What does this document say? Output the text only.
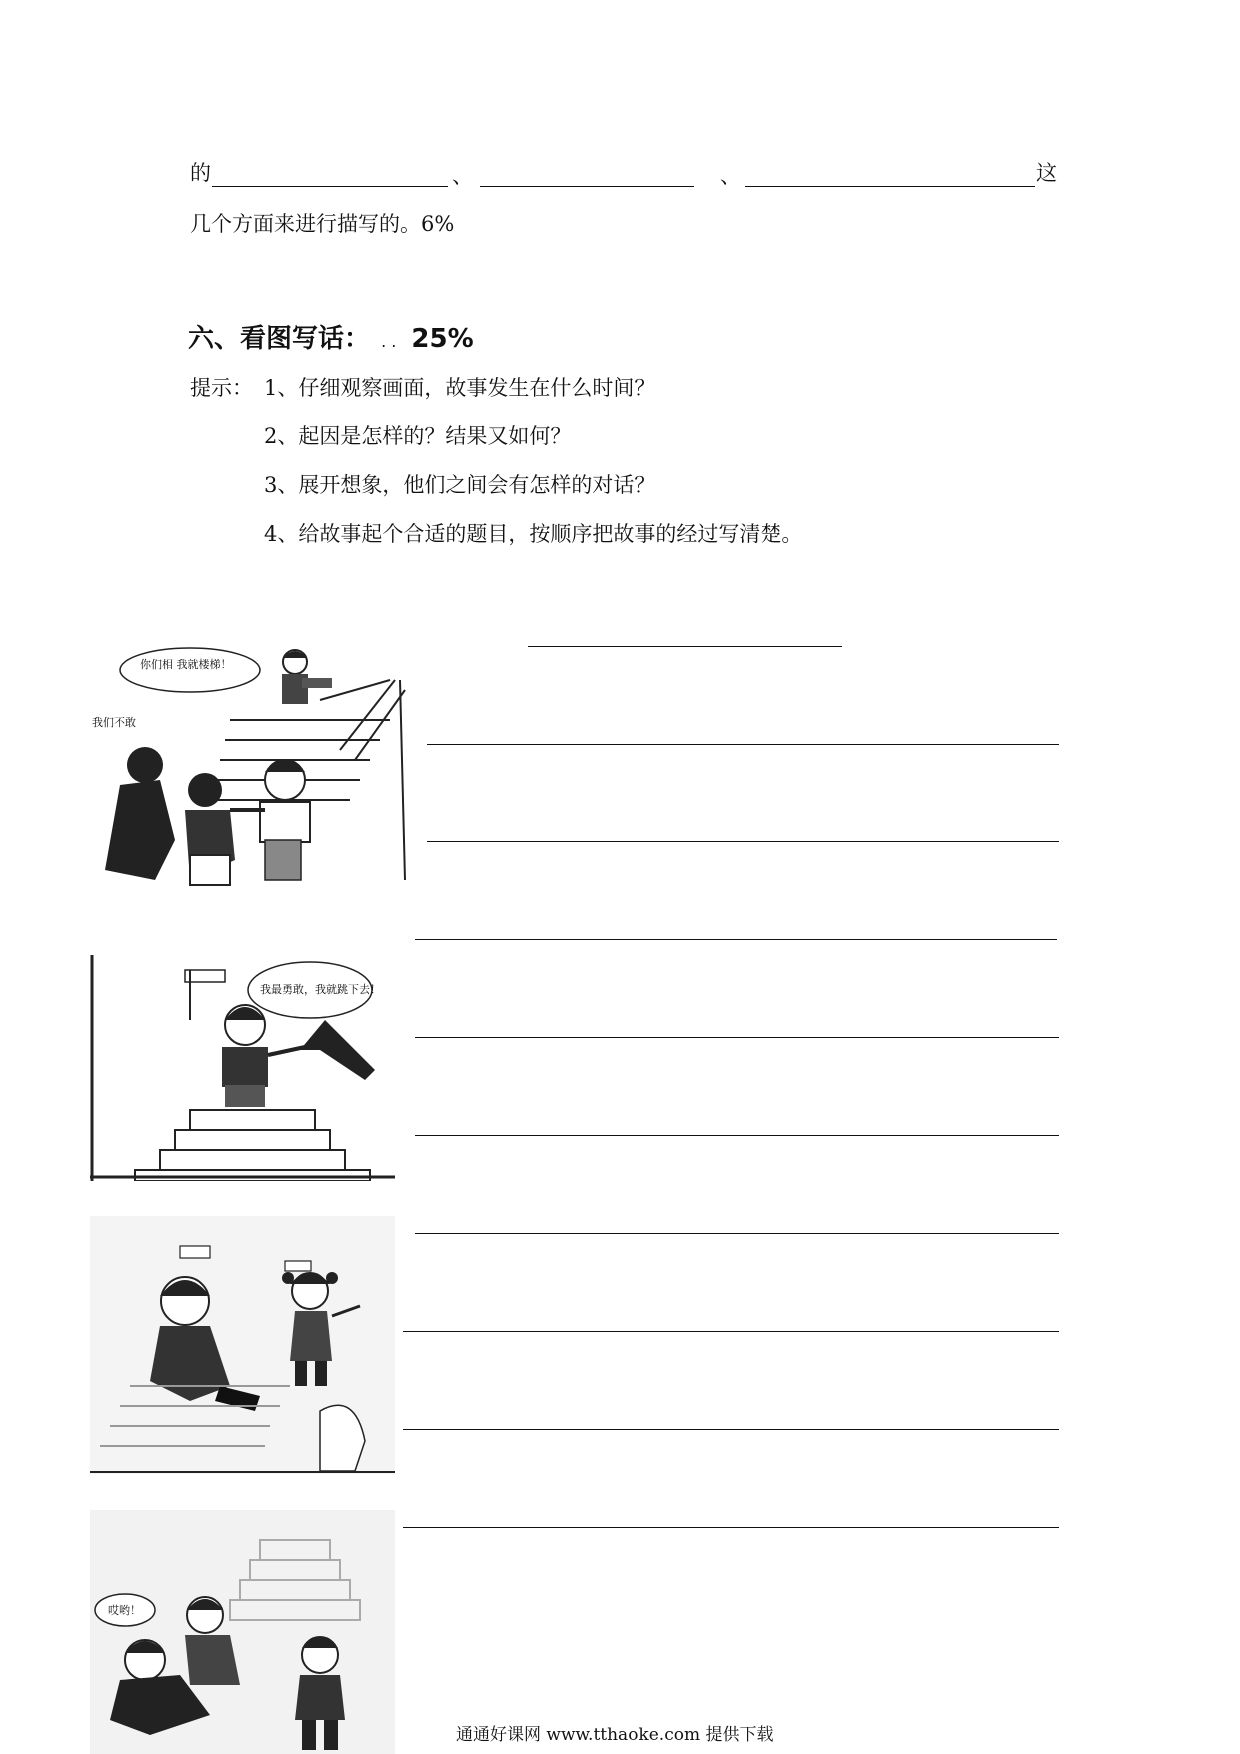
的	、	、	这
几个方面来进行描写的。6%
六、看图写话： . . 25%
提示： 1、仔细观察画面，故事发生在什么时间？
2、起因是怎样的？结果又如何？
3、展开想象，他们之间会有怎样的对话？
4、给故事起个合适的题目，按顺序把故事的经过写清楚。
你们相 我就楼梯！
我们不敢
我最勇敢，我就跳下去！
哎哟！
通通好课网 www.tthaoke.com 提供下载
